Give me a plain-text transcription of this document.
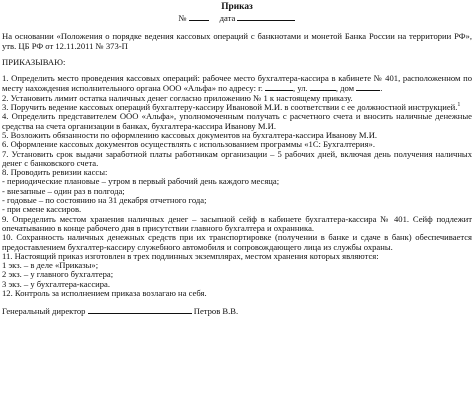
Приказ
№	дата
На основании «Положения о порядке ведения кассовых операций с банкнотами и монетой Банка России на территории РФ», утв. ЦБ РФ от 12.11.2011 № 373-П
ПРИКАЗЫВАЮ:
1. Определить место проведения кассовых операций: рабочее место бухгалтера-кассира в кабинете № 401, расположенном по месту нахождения исполнительного органа ООО «Альфа» по адресу: г.	, ул.	, дом	.
2. Установить лимит остатка наличных денег согласно приложению № 1 к настоящему приказу.
3. Поручить ведение кассовых операций бухгалтеру-кассиру Ивановой М.И. в соответствии с ее должностной инструкцией.$^1$
4. Определить представителем ООО «Альфа», уполномоченным получать с расчетного счета и вносить наличные денежные средства на счета организации в банках, бухгалтера-кассира Иванову М.И.
5. Возложить обязанности по оформлению кассовых документов на бухгалтера-кассира Иванову М.И.
6. Оформление кассовых документов осуществлять с использованием программы «1С: Бухгалтерия».
7. Установить срок выдачи заработной платы работникам организации – 5 рабочих дней, включая день получения наличных денег с банковского счета.
8. Проводить ревизии кассы:
- периодические плановые – утром в первый рабочий день каждого месяца;
- внезапные – один раз в полгода;
- годовые – по состоянию на 31 декабря отчетного года;
- при смене кассиров.
9. Определить местом хранения наличных денег – засыпной сейф в кабинете бухгалтера-кассира № 401. Сейф подлежит опечатыванию в конце рабочего дня в присутствии главного бухгалтера и охранника.
10. Сохранность наличных денежных средств при их транспортировке (получении в банке и сдаче в банк) обеспечивается предоставлением бухгалтер-кассиру служебного автомобиля и сопровождающего лица из службы охраны.
11. Настоящий приказ изготовлен в трех подлинных экземплярах, местом хранения которых являются:
1 экз. – в деле «Приказы»;
2 экз. – у главного бухгалтера;
3 экз. – у бухгалтера-кассира.
12. Контроль за исполнением приказа возлагаю на себя.
Генеральный директор	Петров В.В.
